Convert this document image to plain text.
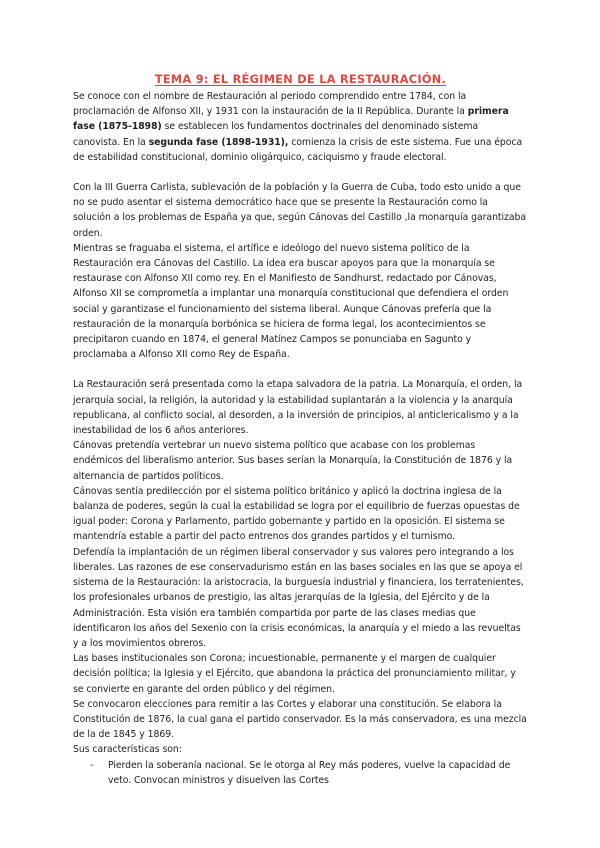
TEMA 9: EL RÉGIMEN DE LA RESTAURACIÓN.

Se conoce con el nombre de Restauración al periodo comprendido entre 1784, con la proclamación de Alfonso XII, y 1931 con la instauración de la II República. Durante la primera fase (1875-1898) se establecen los fundamentos doctrinales del denominado sistema canovista. En la segunda fase (1898-1931), comienza la crisis de este sistema. Fue una época de estabilidad constitucional, dominio oligárquico, caciquismo y fraude electoral.

Con la III Guerra Carlista, sublevación de la población y la Guerra de Cuba, todo esto unido a que no se pudo asentar el sistema democrático hace que se presente la Restauración como la solución a los problemas de España ya que, según Cánovas del Castillo ,la monarquía garantizaba orden.

Mientras se fraguaba el sistema, el artífice e ideólogo del nuevo sistema político de la Restauración era Cánovas del Castillo. La idea era buscar apoyos para que la monarquía se restaurase con Alfonso XII como rey. En el Manifiesto de Sandhurst, redactado por Cánovas, Alfonso XII se comprometía a implantar una monarquía constitucional que defendiera el orden social y garantizase el funcionamiento del sistema liberal. Aunque Cánovas prefería que la restauración de la monarquía borbónica se hiciera de forma legal, los acontecimientos se precipitaron cuando en 1874, el general Matínez Campos se ponunciaba en Sagunto y proclamaba a Alfonso XII como Rey de España.

La Restauración será presentada como la etapa salvadora de la patria. La Monarquía, el orden, la jerarquía social, la religión, la autoridad y la estabilidad suplantarán a la violencia y la anarquía republicana, al conflicto social, al desorden, a la inversión de principios, al anticlericalismo y a la inestabilidad de los 6 años anteriores.

Cánovas pretendía vertebrar un nuevo sistema político que acabase con los problemas endémicos del liberalismo anterior. Sus bases serían la Monarquía, la Constitución de 1876 y la alternancia de partidos políticos.

Cánovas sentía predilección por el sistema político británico y aplicó la doctrina inglesa de la balanza de poderes, según la cual la estabilidad se logra por el equilibrio de fuerzas opuestas de igual poder: Corona y Parlamento, partido gobernante y partido en la oposición. El sistema se mantendría estable a partir del pacto entrenos dos grandes partidos y el turnismo.

Defendía la implantación de un régimen liberal conservador y sus valores pero integrando a los liberales. Las razones de ese conservadurismo están en las bases sociales en las que se apoya el sistema de la Restauración: la aristocracia, la burguesía industrial y financiera, los terratenientes, los profesionales urbanos de prestigio, las altas jerarquías de la Iglesia, del Ejército y de la Administración. Esta visión era también compartida por parte de las clases medias que identificaron los años del Sexenio con la crisis económicas, la anarquía y el miedo a las revueltas y a los movimientos obreros.

Las bases institucionales son Corona; incuestionable, permanente y el margen de cualquier decisión política; la Iglesia y el Ejército, que abandona la práctica del pronunciamiento militar, y se convierte en garante del orden público y del régimen.

Se convocaron elecciones para remitir a las Cortes y elaborar una constitución. Se elabora la Constitución de 1876, la cual gana el partido conservador. Es la más conservadora, es una mezcla de la de 1845 y 1869.

Sus características son:

- Pierden la soberanía nacional. Se le otorga al Rey más poderes, vuelve la capacidad de veto. Convocan ministros y disuelven las Cortes
